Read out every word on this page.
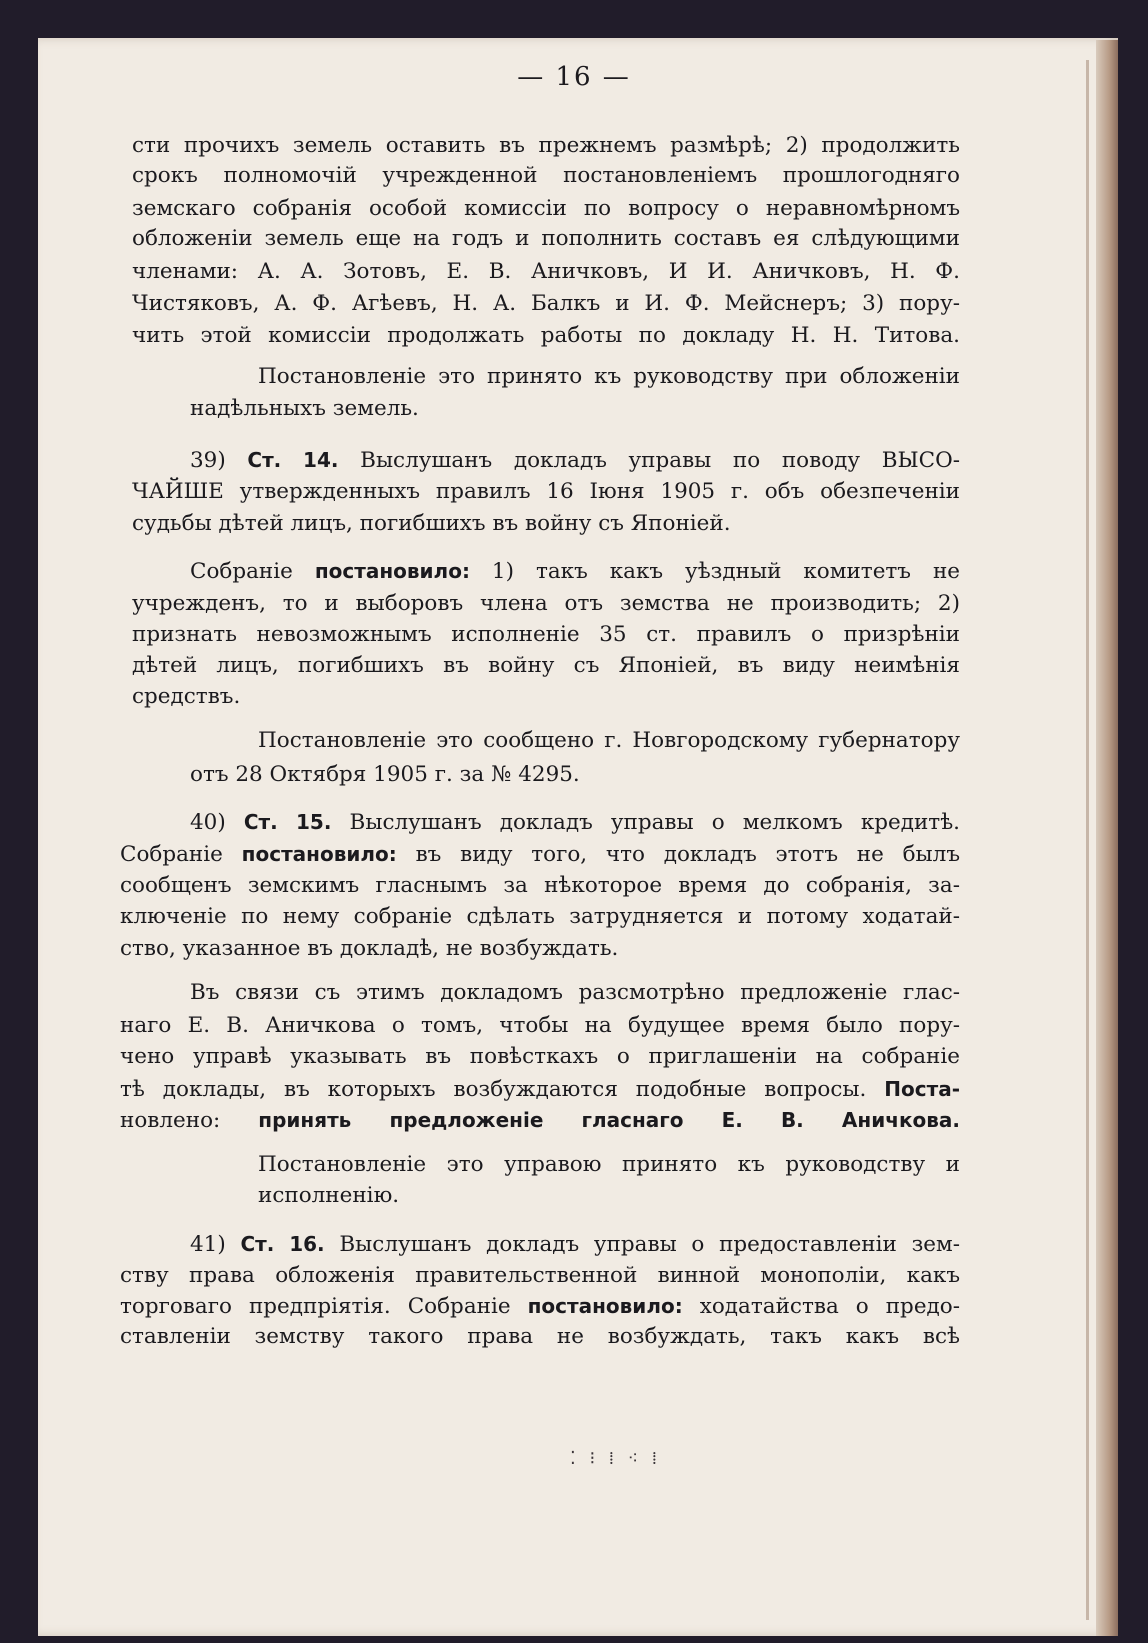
— 16 —
сти прочихъ земель оставить въ прежнемъ размѣрѣ; 2) продолжить
срокъ полномочій учрежденной постановленіемъ прошлогодняго
земскаго собранія особой комиссіи по вопросу о неравномѣрномъ
обложеніи земель еще на годъ и пополнить составъ ея слѣдующими
членами: А. А. Зотовъ, Е. В. Аничковъ, И И. Аничковъ, Н. Ф.
Чистяковъ, А. Ф. Агѣевъ, Н. А. Балкъ и И. Ф. Мейснеръ; 3) пору-
чить этой комиссіи продолжать работы по докладу Н. Н. Титова.
Постановленіе это принято къ руководству при обложеніи
надѣльныхъ земель.
39) Ст. 14. Выслушанъ докладъ управы по поводу ВЫСО-
ЧАЙШЕ утвержденныхъ правилъ 16 Іюня 1905 г. объ обезпеченіи
судьбы дѣтей лицъ, погибшихъ въ войну съ Японіей.
Собраніе постановило: 1) такъ какъ уѣздный комитетъ не
учрежденъ, то и выборовъ члена отъ земства не производить; 2)
признать невозможнымъ исполненіе 35 ст. правилъ о призрѣніи
дѣтей лицъ, погибшихъ въ войну съ Японіей, въ виду неимѣнія
средствъ.
Постановленіе это сообщено г. Новгородскому губернатору
отъ 28 Октября 1905 г. за № 4295.
40) Ст. 15. Выслушанъ докладъ управы о мелкомъ кредитѣ.
Собраніе постановило: въ виду того, что докладъ этотъ не былъ
сообщенъ земскимъ гласнымъ за нѣкоторое время до собранія, за-
ключеніе по нему собраніе сдѣлать затрудняется и потому ходатай-
ство, указанное въ докладѣ, не возбуждать.
Въ связи съ этимъ докладомъ разсмотрѣно предложеніе глас-
наго Е. В. Аничкова о томъ, чтобы на будущее время было пору-
чено управѣ указывать въ повѣсткахъ о приглашеніи на собраніе
тѣ доклады, въ которыхъ возбуждаются подобные вопросы. Поста-
новлено: принять предложеніе гласнаго Е. В. Аничкова.
Постановленіе это управою принято къ руководству и
исполненію.
41) Ст. 16. Выслушанъ докладъ управы о предоставленіи зем-
ству права обложенія правительственной винной монополіи, какъ
торговаго предпріятія. Собраніе постановило: ходатайства о предо-
ставленіи земству такого права не возбуждать, такъ какъ всѣ
⁚ ⁝ ⁞ ⁖ ⁞
